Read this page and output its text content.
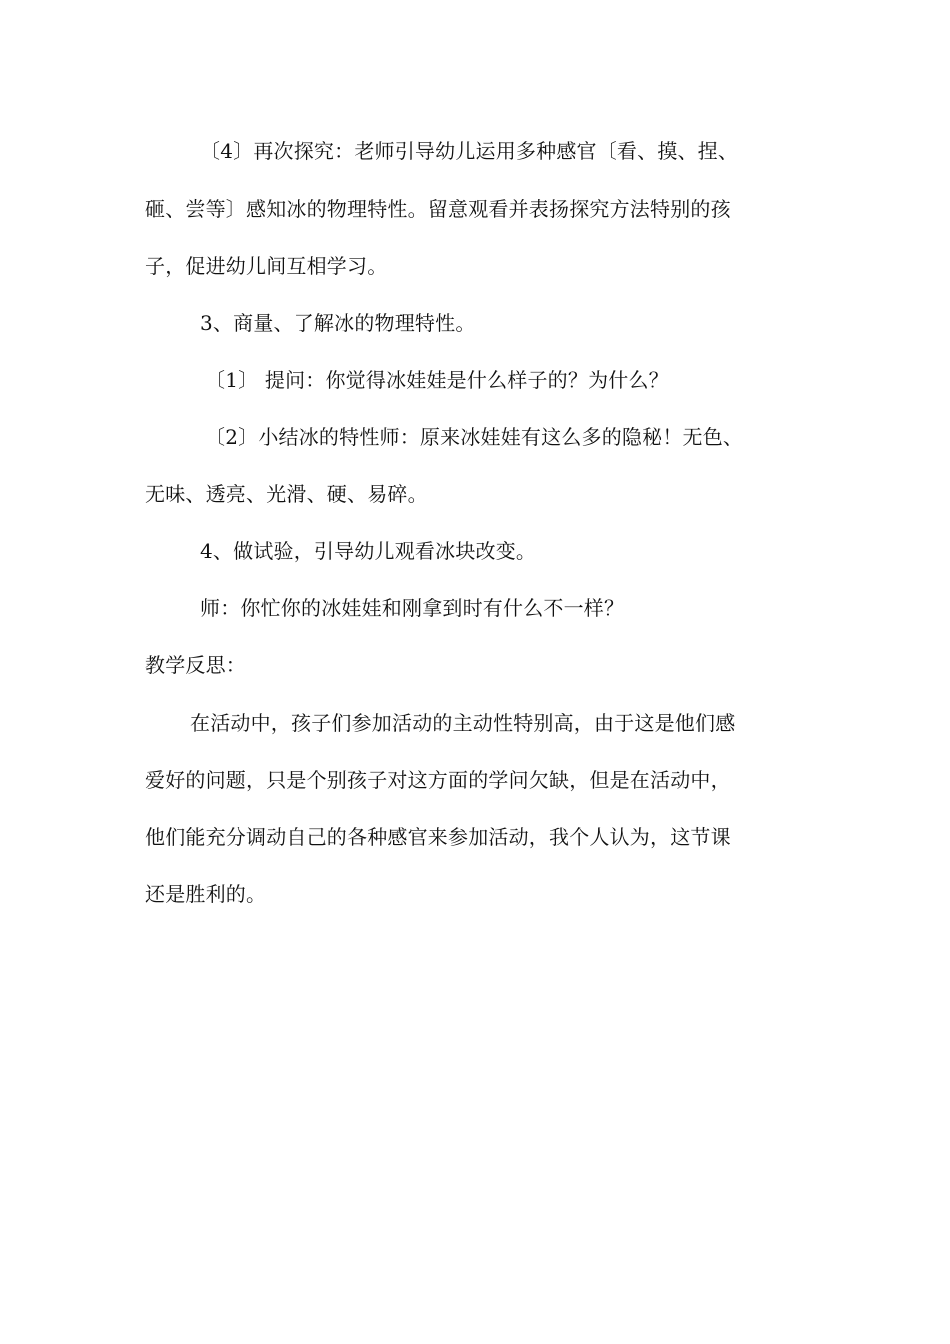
〔4〕再次探究：老师引导幼儿运用多种感官〔看、摸、捏、
砸、尝等〕感知冰的物理特性。留意观看并表扬探究方法特别的孩
子，促进幼儿间互相学习。
3、商量、了解冰的物理特性。
〔1〕 提问：你觉得冰娃娃是什么样子的？为什么？
〔2〕小结冰的特性师：原来冰娃娃有这么多的隐秘！无色、
无味、透亮、光滑、硬、易碎。
4、做试验，引导幼儿观看冰块改变。
师：你忙你的冰娃娃和刚拿到时有什么不一样？
教学反思：
在活动中，孩子们参加活动的主动性特别高，由于这是他们感
爱好的问题，只是个别孩子对这方面的学问欠缺，但是在活动中，
他们能充分调动自己的各种感官来参加活动，我个人认为，这节课
还是胜利的。
